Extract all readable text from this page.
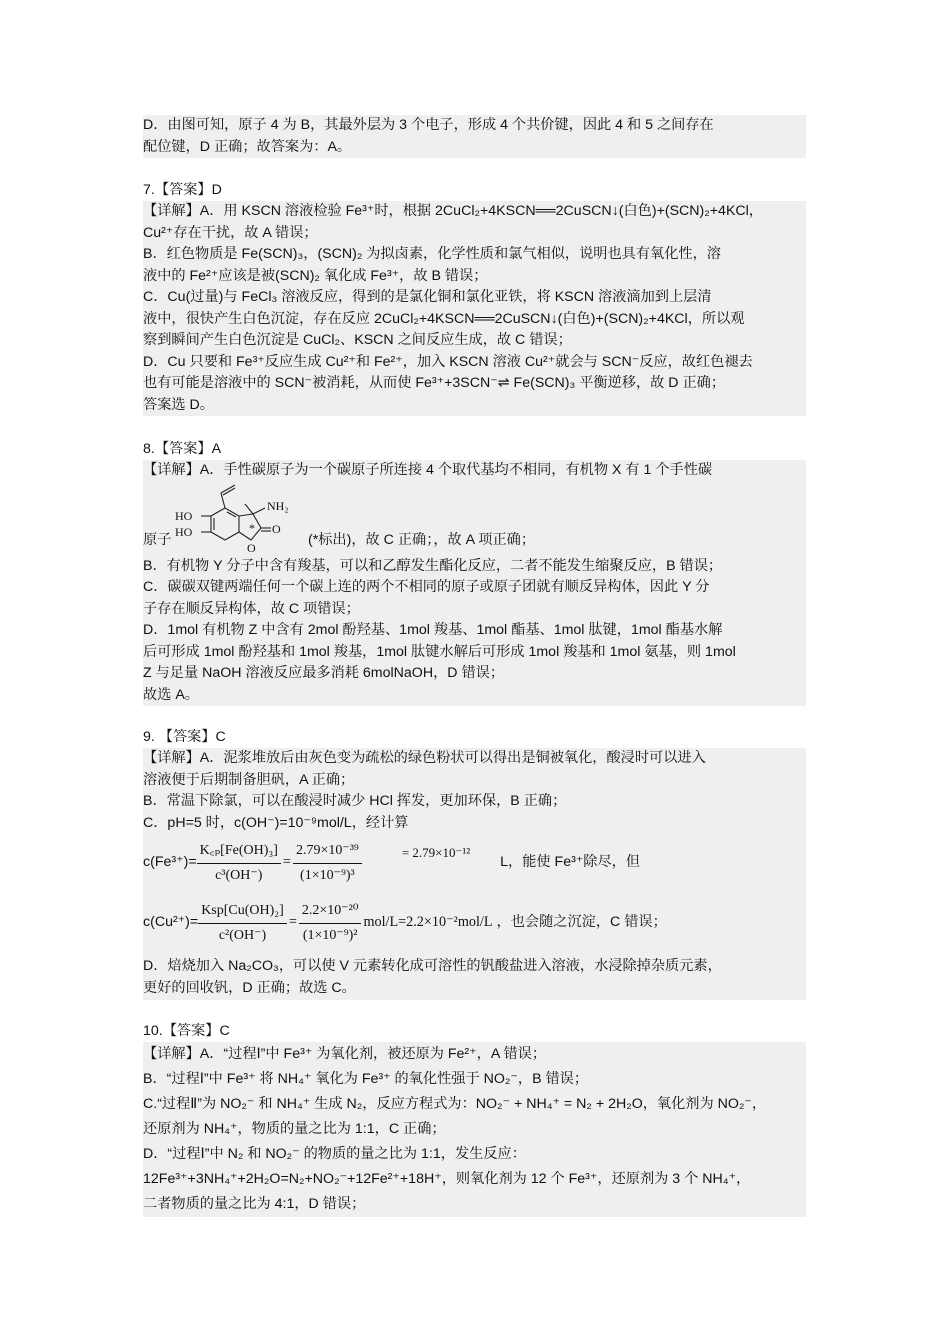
D．由图可知，原子 4 为 B，其最外层为 3 个电子，形成 4 个共价键，因此 4 和 5 之间存在
配位键，D 正确；故答案为：A。
7.【答案】D
【详解】A．用 KSCN 溶液检验 Fe³⁺时，根据 2CuCl₂+4KSCN══2CuSCN↓(白色)+(SCN)₂+4KCl，
Cu²⁺存在干扰，故 A 错误；
B．红色物质是 Fe(SCN)₃，(SCN)₂ 为拟卤素，化学性质和氯气相似，说明也具有氧化性，溶
液中的 Fe²⁺应该是被(SCN)₂ 氧化成 Fe³⁺，故 B 错误；
C．Cu(过量)与 FeCl₃ 溶液反应，得到的是氯化铜和氯化亚铁，将 KSCN 溶液滴加到上层清
液中，很快产生白色沉淀，存在反应 2CuCl₂+4KSCN══2CuSCN↓(白色)+(SCN)₂+4KCl，所以观
察到瞬间产生白色沉淀是 CuCl₂、KSCN 之间反应生成，故 C 错误；
D．Cu 只要和 Fe³⁺反应生成 Cu²⁺和 Fe²⁺，加入 KSCN 溶液 Cu²⁺就会与 SCN⁻反应，故红色褪去
也有可能是溶液中的 SCN⁻被消耗，从而使 Fe³⁺+3SCN⁻⇌ Fe(SCN)₃ 平衡逆移，故 D 正确；
答案选 D。
8.【答案】A
【详解】A．手性碳原子为一个碳原子所连接 4 个取代基均不相同，有机物 X 有 1 个手性碳
原子
NH₂
HO
HO
O
O
*
(*标出)，故 C 正确；，故 A 项正确；
B．有机物 Y 分子中含有羧基，可以和乙醇发生酯化反应，二者不能发生缩聚反应，B 错误；
C．碳碳双键两端任何一个碳上连的两个不相同的原子或原子团就有顺反异构体，因此 Y 分
子存在顺反异构体，故 C 项错误；
D．1mol 有机物 Z 中含有 2mol 酚羟基、1mol 羧基、1mol 酯基、1mol 肽键，1mol 酯基水解
后可形成 1mol 酚羟基和 1mol 羧基，1mol 肽键水解后可形成 1mol 羧基和 1mol 氨基，则 1mol
Z 与足量 NaOH 溶液反应最多消耗 6molNaOH，D 错误；
故选 A。
9. 【答案】C
【详解】A．泥浆堆放后由灰色变为疏松的绿色粉状可以得出是铜被氧化，酸浸时可以进入
溶液便于后期制备胆矾，A 正确；
B．常温下除氯，可以在酸浸时减少 HCl 挥发，更加环保，B 正确；
C．pH=5 时，c(OH⁻)=10⁻⁹mol/L，经计算
$c(Fe^{3+})= \frac{\text{K꜀ₚ[Fe(OH)₃]}}{\text{c³(OH⁻)}} = \frac{\text{2.79×10⁻³⁹}}{\text{(1×10⁻⁹)³}}$	= 2.79×10⁻¹²
L，能使 Fe³⁺除尽，但
$c(Cu^{2+})= \frac{\text{Ksp[Cu(OH)₂]}}{\text{c²(OH⁻)}} = \frac{\text{2.2×10⁻²⁰}}{\text{(1×10⁻⁹)²}} mol/L=2.2\times 10^{-2}mol/L$ ，也会随之沉淀，C 错误；
D．焙烧加入 Na₂CO₃，可以使 V 元素转化成可溶性的钒酸盐进入溶液，水浸除掉杂质元素，
更好的回收钒，D 正确；故选 C。
10.【答案】C
【详解】A．“过程Ⅰ”中 Fe³⁺ 为氧化剂，被还原为 Fe²⁺，A 错误；
B．“过程Ⅰ”中 Fe³⁺ 将 NH₄⁺ 氧化为 Fe³⁺ 的氧化性强于 NO₂⁻，B 错误；
C.“过程Ⅱ”为 NO₂⁻ 和 NH₄⁺ 生成 N₂，反应方程式为：NO₂⁻ + NH₄⁺ = N₂ + 2H₂O，氧化剂为 NO₂⁻，
还原剂为 NH₄⁺，物质的量之比为 1:1，C 正确；
D．“过程Ⅰ”中 N₂ 和 NO₂⁻ 的物质的量之比为 1:1，发生反应：
12Fe³⁺+3NH₄⁺+2H₂O=N₂+NO₂⁻+12Fe²⁺+18H⁺，则氧化剂为 12 个 Fe³⁺，还原剂为 3 个 NH₄⁺，
二者物质的量之比为 4:1，D 错误；
